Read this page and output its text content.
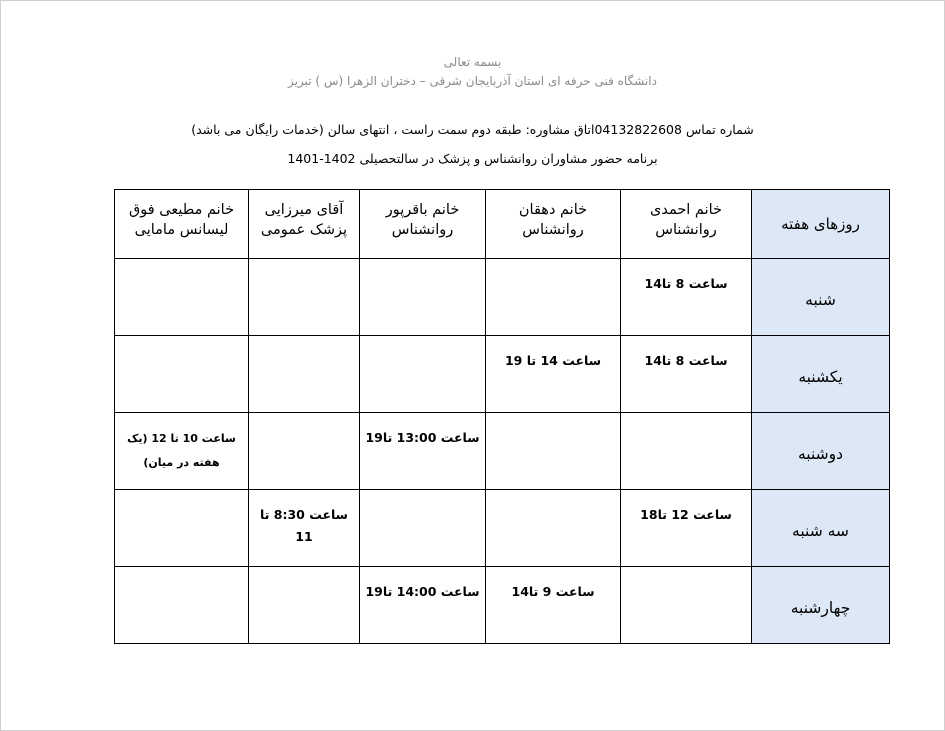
بسمه تعالی
دانشگاه فنی حرفه ای استان آذربایجان شرقی – دختران الزهرا (س ) تبریز
شماره تماس 04132822608اتاق مشاوره: طبقه دوم سمت راست ، انتهای سالن (خدمات رایگان می باشد)
برنامه حضور مشاوران روانشناس و پزشک در سالتحصیلی 1402-1401
روزهای هفته	خانم احمدی روانشناس	خانم دهقان روانشناس	خانم باقرپور روانشناس	آقای میرزایی پزشک عمومی	خانم مطیعی فوق لیسانس مامایی
شنبه	ساعت 8 تا14				
یکشنبه	ساعت 8 تا14	ساعت 14 تا 19			
دوشنبه			ساعت 13:00 تا19		ساعت 10 تا 12 (یک هفته در میان)
سه شنبه	ساعت 12 تا18			ساعت 8:30 تا 11	
چهارشنبه		ساعت 9 تا14	ساعت 14:00 تا19		
